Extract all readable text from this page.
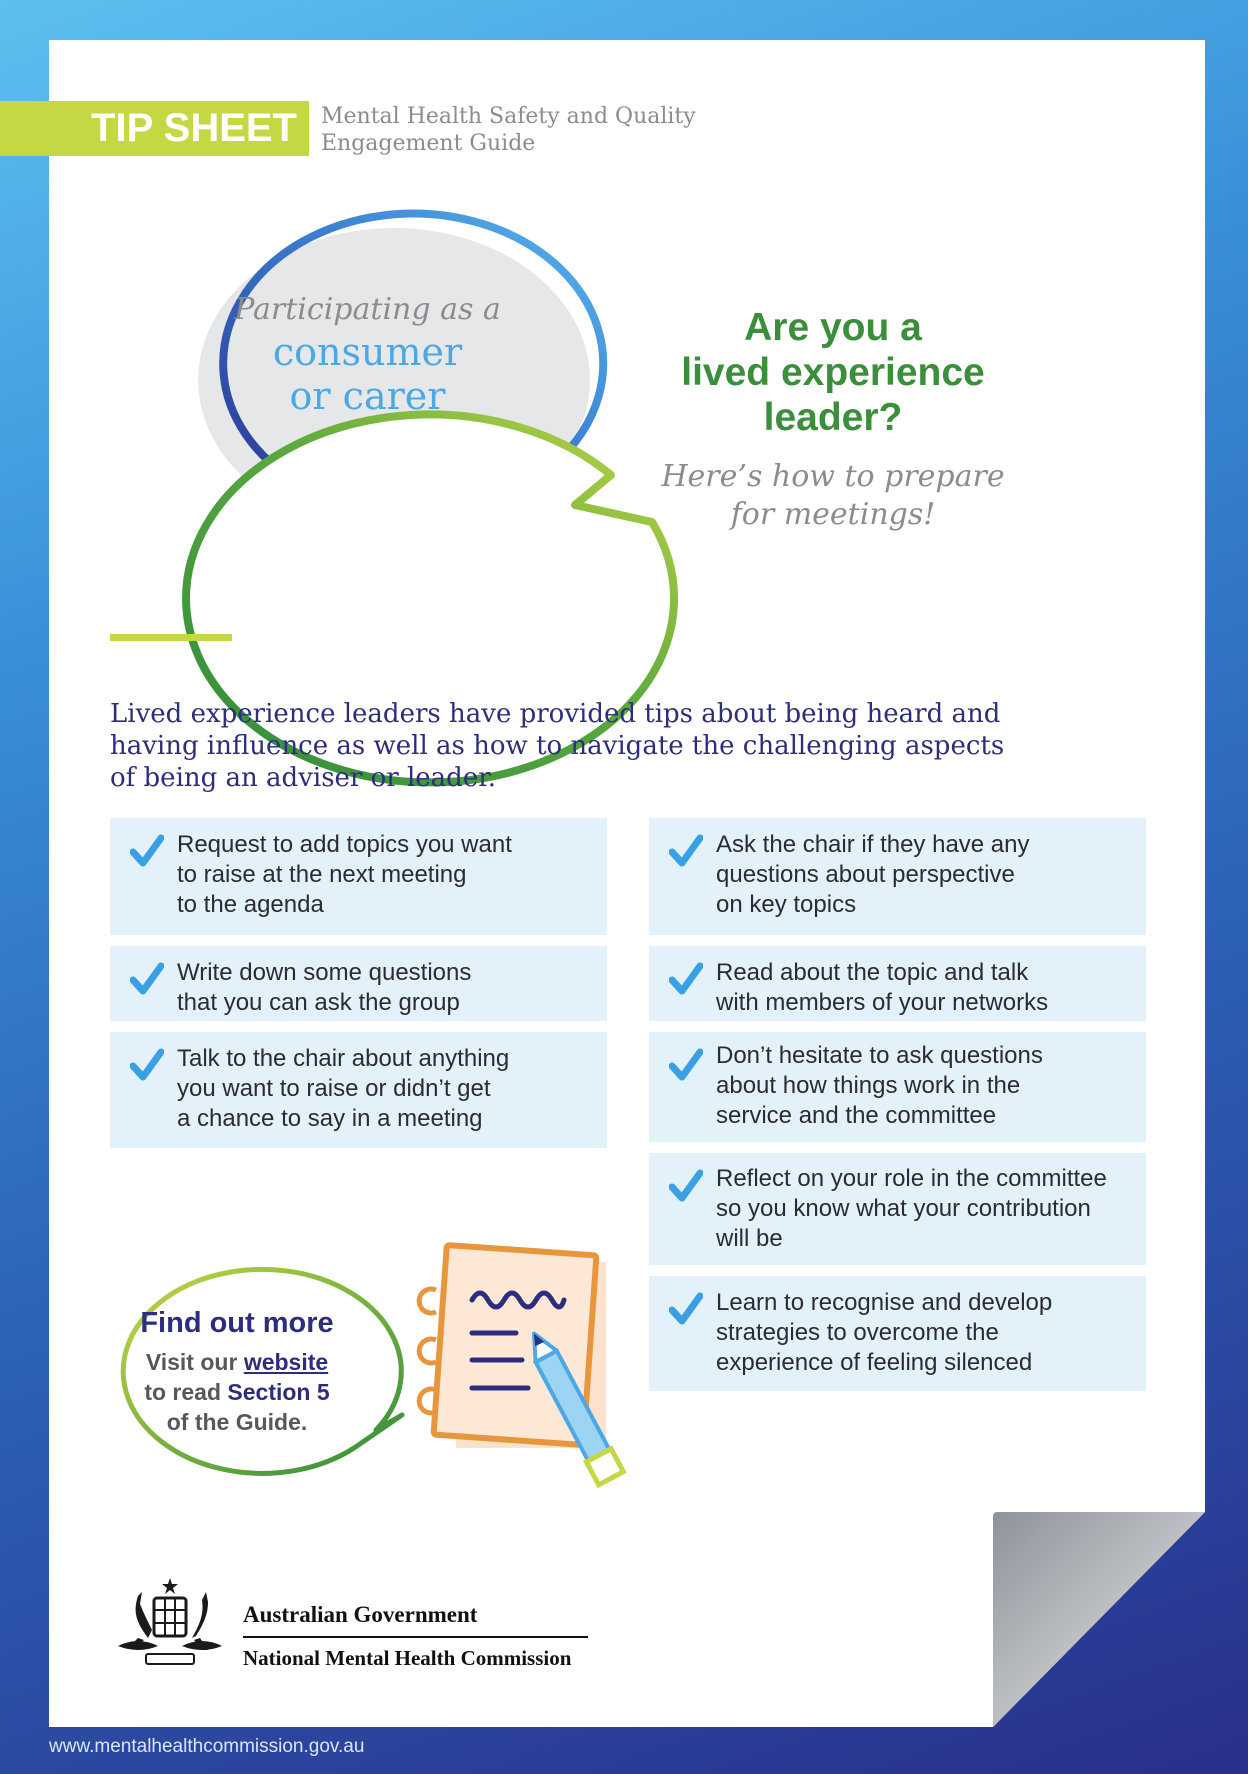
TIP SHEET	Mental Health Safety and Quality
Engagement Guide
Participating as a
consumer
or carer
Are you a
lived experience
leader?
Here’s how to prepare
for meetings!
Lived experience leaders have provided tips about being heard and
having influence as well as how to navigate the challenging aspects
of being an adviser or leader.
Request to add topics you want
to raise at the next meeting
to the agenda
Write down some questions
that you can ask the group
Talk to the chair about anything
you want to raise or didn’t get
a chance to say in a meeting
Ask the chair if they have any
questions about perspective
on key topics
Read about the topic and talk
with members of your networks
Don’t hesitate to ask questions
about how things work in the
service and the committee
Reflect on your role in the committee
so you know what your contribution
will be
Learn to recognise and develop
strategies to overcome the
experience of feeling silenced
Find out more
Visit our website
to read Section 5
of the Guide.
Australian Government
National Mental Health Commission
www.mentalhealthcommission.gov.au
